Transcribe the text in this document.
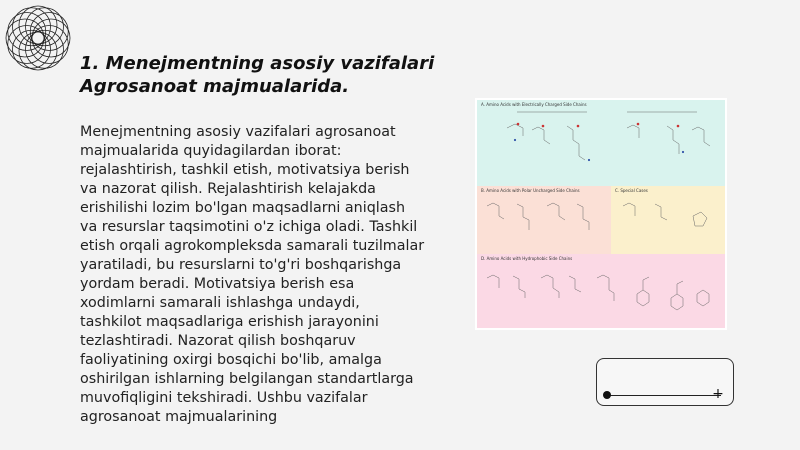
1. Menejmentning asosiy vazifalari Agrosanoat majmualarida.

Menejmentning asosiy vazifalari agrosanoat majmualarida quyidagilardan iborat: rejalashtirish, tashkil etish, motivatsiya berish va nazorat qilish. Rejalashtirish kelajakda erishilishi lozim bo'lgan maqsadlarni aniqlash va resurslar taqsimotini o'z ichiga oladi. Tashkil etish orqali agrokompleksda samarali tuzilmalar yaratiladi, bu resurslarni to'g'ri boshqarishga yordam beradi. Motivatsiya berish esa xodimlarni samarali ishlashga undaydi, tashkilot maqsadlariga erishish jarayonini tezlashtiradi. Nazorat qilish boshqaruv faoliyatining oxirgi bosqichi bo'lib, amalga oshirilgan ishlarning belgilangan standartlarga muvofiqligini tekshiradi. Ushbu vazifalar agrosanoat majmualarining

A. Amino Acids with Electrically Charged Side Chains
B. Amino Acids with Polar Uncharged Side Chains	C. Special Cases
D. Amino Acids with Hydrophobic Side Chains
+
